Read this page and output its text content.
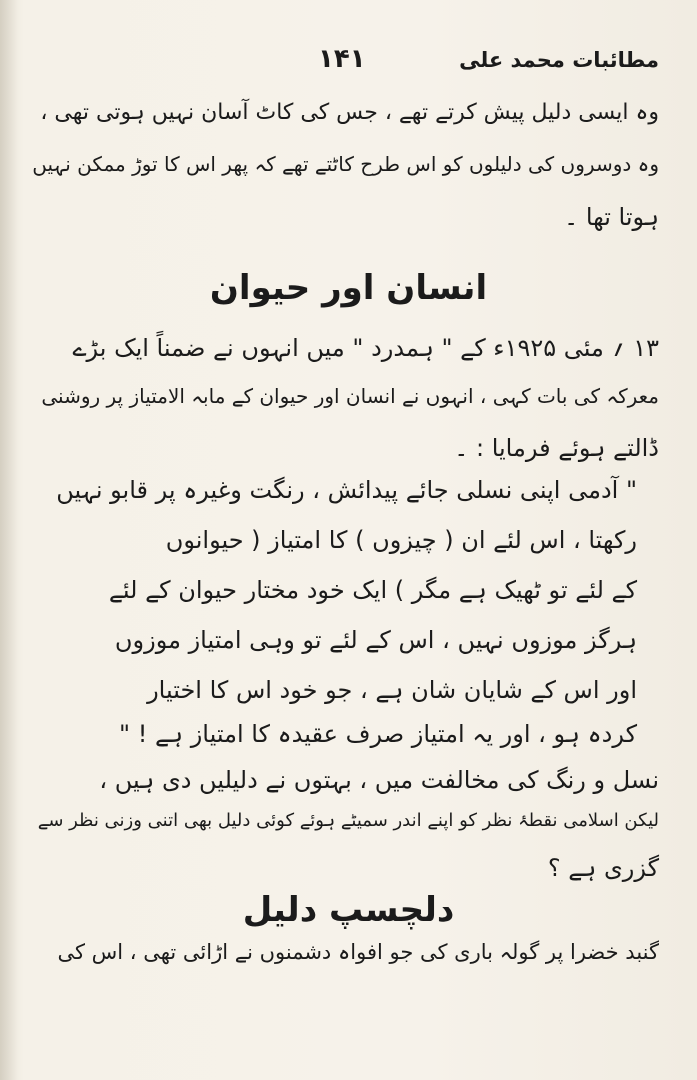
مطائبات محمد علی
۱۴۱
وہ ایسی دلیل پیش کرتے تھے ، جس کی کاٹ آسان نہیں ہوتی تھی ،
وہ دوسروں کی دلیلوں کو اس طرح کاٹتے تھے کہ پھر اس کا توڑ ممکن نہیں
ہوتا تھا ۔
انسان اور حیوان
۱۳ ؍ مئی ۱۹۲۵ء کے " ہمدرد " میں انہوں نے ضمناً ایک بڑے
معرکہ کی بات کہی ، انہوں نے انسان اور حیوان کے مابہ الامتیاز پر روشنی
ڈالتے ہوئے فرمایا : ۔
" آدمی اپنی نسلی جائے پیدائش ، رنگت وغیرہ پر قابو نہیں
رکھتا ، اس لئے ان ( چیزوں ) کا امتیاز ( حیوانوں
کے لئے تو ٹھیک ہے مگر ) ایک خود مختار حیوان کے لئے
ہرگز موزوں نہیں ، اس کے لئے تو وہی امتیاز موزوں
اور اس کے شایان شان ہے ، جو خود اس کا اختیار
کردہ ہو ، اور یہ امتیاز صرف عقیدہ کا امتیاز ہے ! "
نسل و رنگ کی مخالفت میں ، بہتوں نے دلیلیں دی ہیں ،
لیکن اسلامی نقطۂ نظر کو اپنے اندر سمیٹے ہوئے کوئی دلیل بھی اتنی وزنی نظر سے
گزری ہے ؟
دلچسپ دلیل
گنبد خضرا پر گولہ باری کی جو افواہ دشمنوں نے اڑائی تھی ، اس کی
